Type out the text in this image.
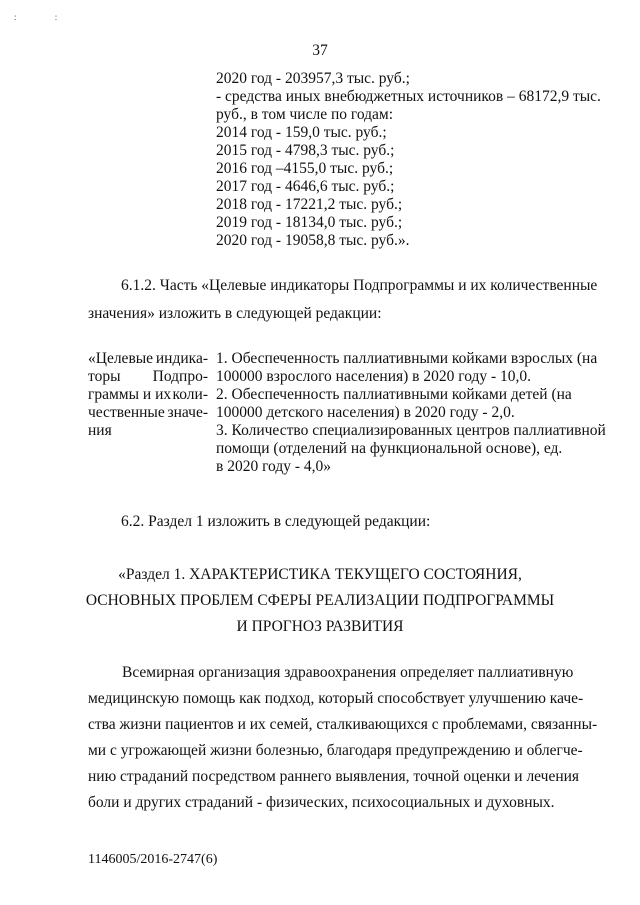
: :
37
2020 год - 203957,3 тыс. руб.;
- средства иных внебюджетных источников – 68172,9 тыс.
руб., в том числе по годам:
2014 год - 159,0 тыс. руб.;
2015 год - 4798,3 тыс. руб.;
2016 год –4155,0 тыс. руб.;
2017 год - 4646,6 тыс. руб.;
2018 год - 17221,2 тыс. руб.;
2019 год - 18134,0 тыс. руб.;
2020 год - 19058,8 тыс. руб.».
6.1.2. Часть «Целевые индикаторы Подпрограммы и их количественные
значения» изложить в следующей редакции:
«Целевые индика-
торы Подпро-
граммы и их коли-
чественные значе-
ния
1. Обеспеченность паллиативными койками взрослых (на
100000 взрослого населения) в 2020 году - 10,0.
2. Обеспеченность паллиативными койками детей (на
100000 детского населения) в 2020 году - 2,0.
3. Количество специализированных центров паллиативной
помощи (отделений на функциональной основе), ед.
в 2020 году - 4,0»
6.2. Раздел 1 изложить в следующей редакции:
«Раздел 1. ХАРАКТЕРИСТИКА ТЕКУЩЕГО СОСТОЯНИЯ,
ОСНОВНЫХ ПРОБЛЕМ СФЕРЫ РЕАЛИЗАЦИИ ПОДПРОГРАММЫ
И ПРОГНОЗ РАЗВИТИЯ
Всемирная организация здравоохранения определяет паллиативную
медицинскую помощь как подход, который способствует улучшению каче-
ства жизни пациентов и их семей, сталкивающихся с проблемами, связанны-
ми с угрожающей жизни болезнью, благодаря предупреждению и облегче-
нию страданий посредством раннего выявления, точной оценки и лечения
боли и других страданий - физических, психосоциальных и духовных.
1146005/2016-2747(6)
